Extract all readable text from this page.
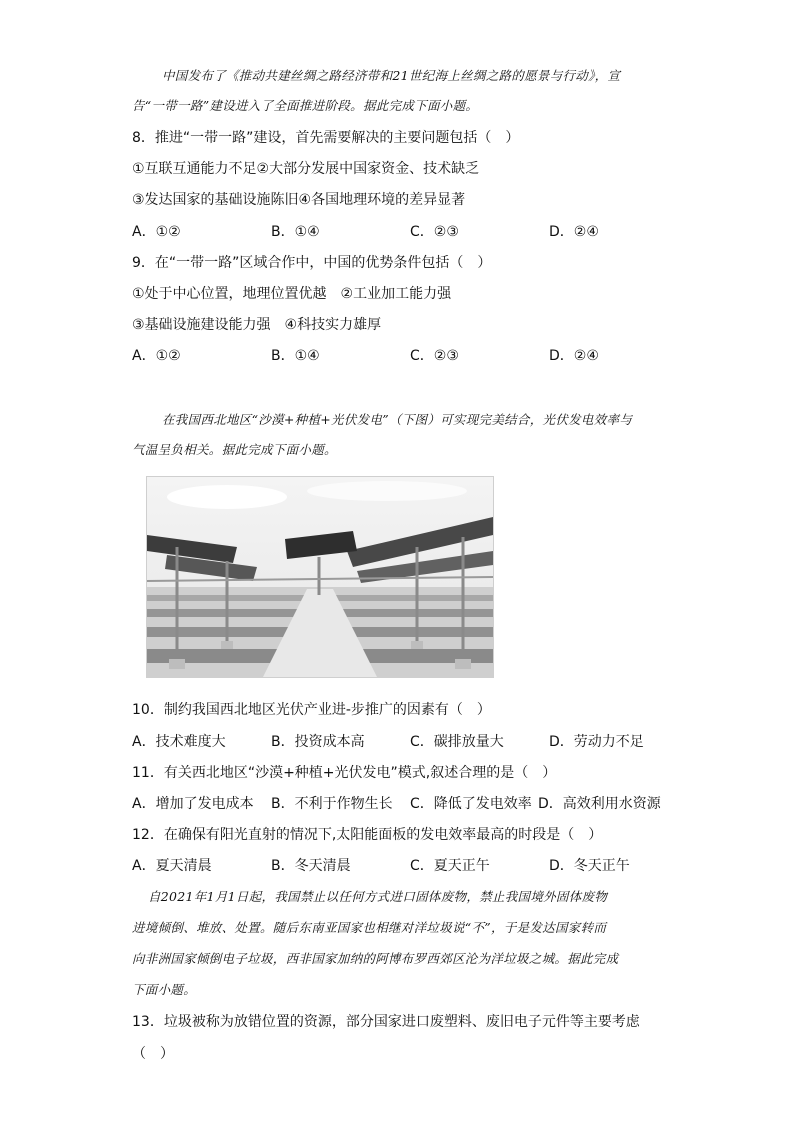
中国发布了《推动共建丝绸之路经济带和21世纪海上丝绸之路的愿景与行动》，宣
告“一带一路”建设进入了全面推进阶段。据此完成下面小题。
8．推进“一带一路”建设，首先需要解决的主要问题包括（　）
①互联互通能力不足②大部分发展中国家资金、技术缺乏
③发达国家的基础设施陈旧④各国地理环境的差异显著
A．①②	B．①④	C．②③	D．②④
9．在“一带一路”区域合作中，中国的优势条件包括（　）
①处于中心位置，地理位置优越　②工业加工能力强
③基础设施建设能力强　④科技实力雄厚
A．①②	B．①④	C．②③	D．②④
在我国西北地区“沙漠+种植+光伏发电”（下图）可实现完美结合，光伏发电效率与
气温呈负相关。据此完成下面小题。
10．制约我国西北地区光伏产业进-步推广的因素有（　）
A．技术难度大	B．投资成本高	C．碳排放量大	D．劳动力不足
11．有关西北地区“沙漠+种植+光伏发电”模式,叙述合理的是（　）
A．增加了发电成本 B．不利于作物生长 C．降低了发电效率 D．高效利用水资源
12．在确保有阳光直射的情况下,太阳能面板的发电效率最高的时段是（　）
A．夏天清晨	B．冬天清晨	C．夏天正午	D．冬天正午
自2021年1月1日起，我国禁止以任何方式进口固体废物，禁止我国境外固体废物
进境倾倒、堆放、处置。随后东南亚国家也相继对洋垃圾说“不”，于是发达国家转而
向非洲国家倾倒电子垃圾，西非国家加纳的阿博布罗西郊区沦为洋垃圾之城。据此完成
下面小题。
13．垃圾被称为放错位置的资源，部分国家进口废塑料、废旧电子元件等主要考虑
（　）
